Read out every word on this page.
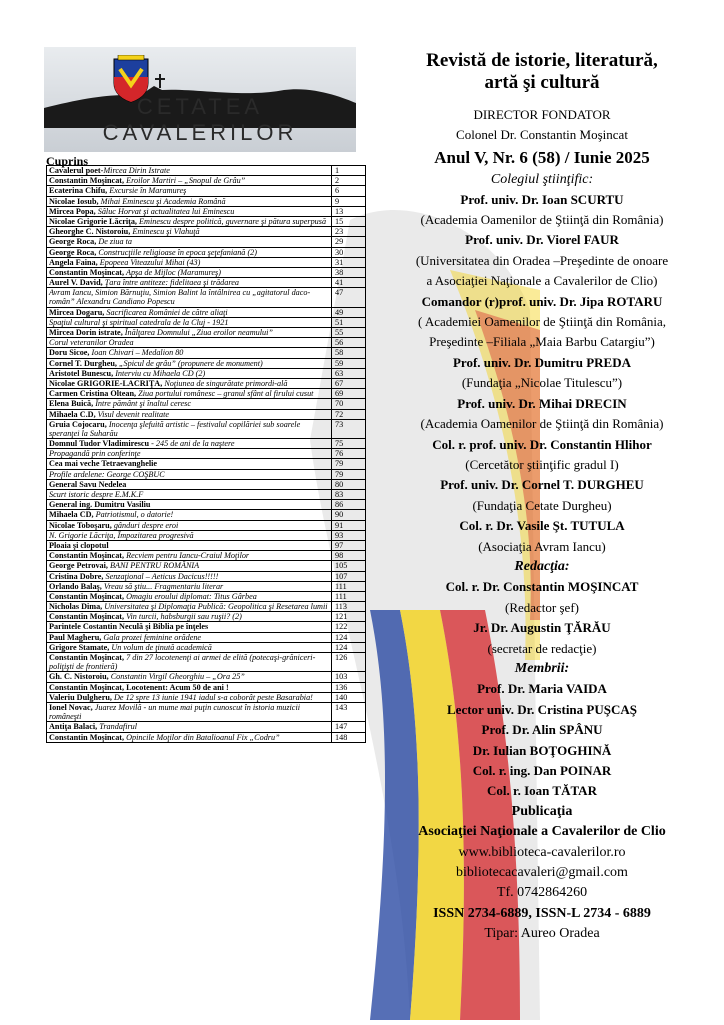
CETATEA CAVALERILOR
Cuprins
Cavalerul poet-Mircea Dirin Istrate	1
Constantin Moşincat, Eroilor Martiri – „Snopul de Grâu”	2
Ecaterina Chifu, Excursie în Maramureş	6
Nicolae Iosub, Mihai Eminescu şi Academia Română	9
Mircea Popa, Sâluc Horvat şi actualitatea lui Eminescu	13
Nicolae Grigorie Lăcriţa, Eminescu despre politică, guvernare şi pătura superpusă	15
Gheorghe C. Nistoroiu, Eminescu şi Vlahuţă	23
George Roca, De ziua ta	29
George Roca, Construcţiile religioase în epoca şeţefaniană (2)	30
Angela Faina, Epopeea Viteazului Mihai (43)	31
Constantin Moşincat, Apşa de Mijloc (Maramureş)	38
Aurel V. David, Ţara între antiteze: fidelitaea şi trădarea	41
Avram Iancu, Simion Bărnuţiu, Simion Balint la întâlnirea cu „agitatorul daco-român” Alexandru Candiano Popescu	47
Mircea Dogaru, Sacrificarea României de către aliaţi	49
Spaţiul cultural şi spiritual catedrala de la Cluj - 1921	51
Mircea Dorin istrate, Înălţarea Domnului „Ziua eroilor neamului”	55
Corul veteranilor Oradea	56
Doru Sicoe, Ioan Chivari – Medalion 80	58
Cornel T. Durgheu, „Spicul de grâu” (propunere de monument)	59
Aristotel Bunescu, Interviu cu Mihaela CD (2)	63
Nicolae GRIGORIE-LACRIŢA, Noţiunea de singurătate primordi-ală	67
Carmen Cristina Oltean, Ziua portului românesc – granul sfânt al firului cusut	69
Elena Buică, Între pământ şi înaltul ceresc	70
Mihaela C.D, Visul devenit realitate	72
Gruia Cojocaru, Inocenţa şlefuită artistic – festivalul copilăriei sub soarele speranţei la Suharău	73
Domnul Tudor Vladimirescu - 245 de ani de la naştere	75
Propagandă prin conferinţe	76
Cea mai veche Tetraevanghelie	79
Profile ardelene: George COŞBUC	79
General Savu Nedelea	80
Scurt istoric despre E.M.K.F	83
General ing. Dumitru Vasiliu	86
Mihaela CD, Patriotismul, o datorie!	90
Nicolae Toboşaru, gânduri despre eroi	91
N. Grigorie Lăcriţa, Împozitarea progresivă	93
Ploaia şi clopotul	97
Constantin Moşincat, Recviem pentru Iancu-Craiul Moţilor	98
George Petrovai, BANI PENTRU ROMÂNIA	105
Cristina Dobre, Senzaţional – Aeticus Dacicus!!!!!	107
Orlando Balaş, Vreau să ştiu... Fragmentariu literar	111
Constantin Moşincat, Omagiu eroului diplomat: Titus Gârbea	111
Nicholas Dima, Universitatea şi Diplomaţia Publică: Geopolitica şi Resetarea lumii	113
Constantin Moşincat, Vin turcii, habsburgii sau ruşii? (2)	121
Parintele Costantin Neculă şi Biblia pe înţeles	122
Paul Magheru, Gala prozei feminine orădene	124
Grigore Stamate, Un volum de ţinută academică	124
Constantin Moşincat, 7 din 27 locotenenţi ai armei de elită (potecaşi-grăniceri-poliţişti de frontieră)	126
Gh. C. Nistoroiu, Constantin Virgil Gheorghiu – „Ora 25”	103
Constantin Moşincat, Locotenent: Acum 50 de ani !	136
Valeriu Dulgheru, De 12 spre 13 iunie 1941 iadul s-a coborât peste Basarabia!	140
Ionel Novac, Juarez Movilă - un mume mai puţin cunoscut în istoria muzicii româneşti	143
Antiţa Balaci, Trandafirul	147
Constantin Moşincat, Opincile Moţilor din Batalioanul Fix „Codru”	148
Revistă de istorie, literatură,
artă şi cultură
DIRECTOR FONDATOR
Colonel Dr. Constantin Moşincat
Anul V, Nr. 6 (58) / Iunie 2025
Colegiul ştiinţific:
Prof. univ. Dr. Ioan SCURTU
(Academia Oamenilor de Ştiinţă din România)
Prof. univ. Dr. Viorel FAUR
(Universitatea din Oradea –Preşedinte de onoare
a Asociaţiei Naţionale a Cavalerilor de Clio)
Comandor (r)prof. univ. Dr. Jipa ROTARU
( Academiei Oamenilor de Ştiinţă din România,
Preşedinte –Filiala „Maia Barbu Catargiu”)
Prof. univ. Dr. Dumitru PREDA
(Fundaţia „Nicolae Titulescu”)
Prof. univ. Dr. Mihai DRECIN
(Academia Oamenilor de Ştiinţă din România)
Col. r. prof. univ. Dr. Constantin Hlihor
(Cercetător ştiinţific gradul I)
Prof. univ. Dr. Cornel T. DURGHEU
(Fundaţia Cetate Durgheu)
Col. r. Dr. Vasile Şt. TUTULA
(Asociaţia Avram Iancu)
Redacţia:
Col. r. Dr. Constantin MOŞINCAT
(Redactor şef)
Jr. Dr. Augustin ŢĂRĂU
(secretar de redacţie)
Membrii:
Prof. Dr. Maria VAIDA
Lector univ. Dr. Cristina PUŞCAŞ
Prof. Dr. Alin SPÂNU
Dr. Iulian BOŢOGHINĂ
Col. r. ing. Dan POINAR
Col. r. Ioan TĂTAR
Publicaţia
Asociaţiei Naţionale a Cavalerilor de Clio
www.biblioteca-cavalerilor.ro
bibliotecacavaleri@gmail.com
Tf. 0742864260
ISSN 2734-6889, ISSN-L 2734 - 6889
Tipar: Aureo Oradea
